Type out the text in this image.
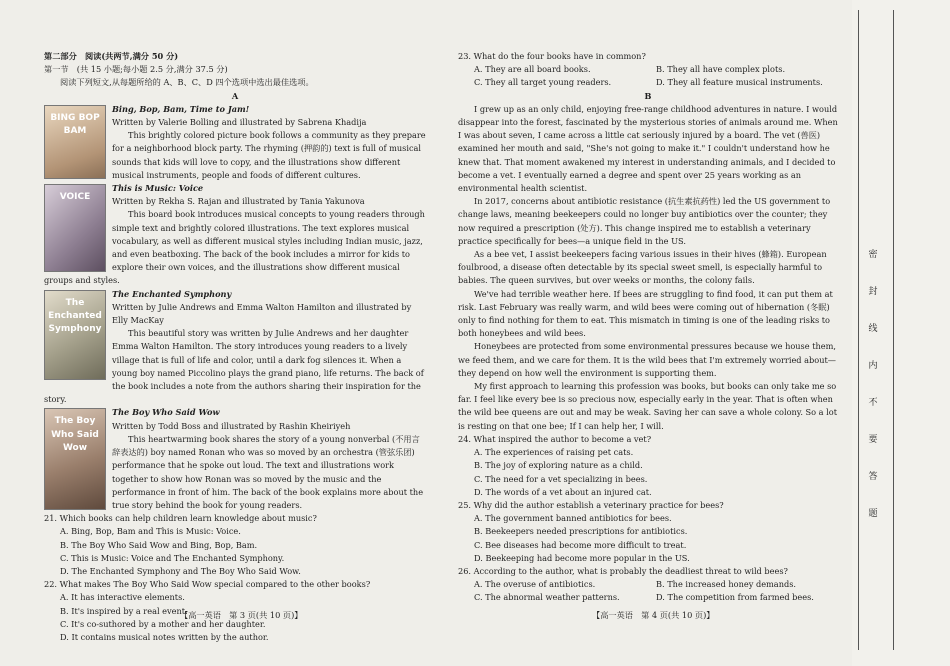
第二部分　阅读(共两节,满分 50 分)

第一节　(共 15 小题;每小题 2.5 分,满分 37.5 分)

阅读下列短文,从每题所给的 A、B、C、D 四个选项中选出最佳选项。

A

BING BOP BAM

Bing, Bop, Bam, Time to Jam!

Written by Valerie Bolling and illustrated by Sabrena Khadija

This brightly colored picture book follows a community as they prepare for a neighborhood block party. The rhyming (押韵的) text is full of musical sounds that kids will love to copy, and the illustrations show different musical instruments, people and foods of different cultures.

VOICE

This is Music: Voice

Written by Rekha S. Rajan and illustrated by Tania Yakunova

This board book introduces musical concepts to young readers through simple text and brightly colored illustrations. The text explores musical vocabulary, as well as different musical styles including Indian music, jazz, and even beatboxing. The back of the book includes a mirror for kids to explore their own voices, and the illustrations show different musical groups and styles.

The Enchanted Symphony

The Enchanted Symphony

Written by Julie Andrews and Emma Walton Hamilton and illustrated by Elly MacKay

This beautiful story was written by Julie Andrews and her daughter Emma Walton Hamilton. The story introduces young readers to a lively village that is full of life and color, until a dark fog silences it. When a young boy named Piccolino plays the grand piano, life returns. The back of the book includes a note from the authors sharing their inspiration for the story.

The Boy Who Said Wow

The Boy Who Said Wow

Written by Todd Boss and illustrated by Rashin Kheiriyeh

This heartwarming book shares the story of a young nonverbal (不用言辞表达的) boy named Ronan who was so moved by an orchestra (管弦乐团) performance that he spoke out loud. The text and illustrations work together to show how Ronan was so moved by the music and the performance in front of him. The back of the book explains more about the true story behind the book for young readers.

21. Which books can help children learn knowledge about music?

A. Bing, Bop, Bam and This is Music: Voice.

B. The Boy Who Said Wow and Bing, Bop, Bam.

C. This is Music: Voice and The Enchanted Symphony.

D. The Enchanted Symphony and The Boy Who Said Wow.

22. What makes The Boy Who Said Wow special compared to the other books?

A. It has interactive elements.

B. It's inspired by a real event.

C. It's co-suthored by a mother and her daughter.

D. It contains musical notes written by the author.

【高一英语　第 3 页(共 10 页)】

23. What do the four books have in common?

A. They are all board books.	B. They all have complex plots.
C. They all target young readers.	D. They all feature musical instruments.

B

I grew up as an only child, enjoying free-range childhood adventures in nature. I would disappear into the forest, fascinated by the mysterious stories of animals around me. When I was about seven, I came across a little cat seriously injured by a board. The vet (兽医) examined her mouth and said, "She's not going to make it." I couldn't understand how he knew that. That moment awakened my interest in understanding animals, and I decided to become a vet. I eventually earned a degree and spent over 25 years working as an environmental health scientist.

In 2017, concerns about antibiotic resistance (抗生素抗药性) led the US government to change laws, meaning beekeepers could no longer buy antibiotics over the counter; they now required a prescription (处方). This change inspired me to establish a veterinary practice specifically for bees—a unique field in the US.

As a bee vet, I assist beekeepers facing various issues in their hives (蜂箱). European foulbrood, a disease often detectable by its special sweet smell, is especially harmful to babies. The queen survives, but over weeks or months, the colony fails.

We've had terrible weather here. If bees are struggling to find food, it can put them at risk. Last February was really warm, and wild bees were coming out of hibernation (冬眠) only to find nothing for them to eat. This mismatch in timing is one of the leading risks to both honeybees and wild bees.

Honeybees are protected from some environmental pressures because we house them, we feed them, and we care for them. It is the wild bees that I'm extremely worried about—they depend on how well the environment is supporting them.

My first approach to learning this profession was books, but books can only take me so far. I feel like every bee is so precious now, especially early in the year. That is often when the wild bee queens are out and may be weak. Saving her can save a whole colony. So a lot is resting on that one bee; If I can help her, I will.

24. What inspired the author to become a vet?

A. The experiences of raising pet cats.

B. The joy of exploring nature as a child.

C. The need for a vet specializing in bees.

D. The words of a vet about an injured cat.

25. Why did the author establish a veterinary practice for bees?

A. The government banned antibiotics for bees.

B. Beekeepers needed prescriptions for antibiotics.

C. Bee diseases had become more difficult to treat.

D. Beekeeping had become more popular in the US.

26. According to the author, what is probably the deadliest threat to wild bees?

A. The overuse of antibiotics.	B. The increased honey demands.
C. The abnormal weather patterns.	D. The competition from farmed bees.
【高一英语　第 4 页(共 10 页)】
密
封
线
内
不
要
答
题
